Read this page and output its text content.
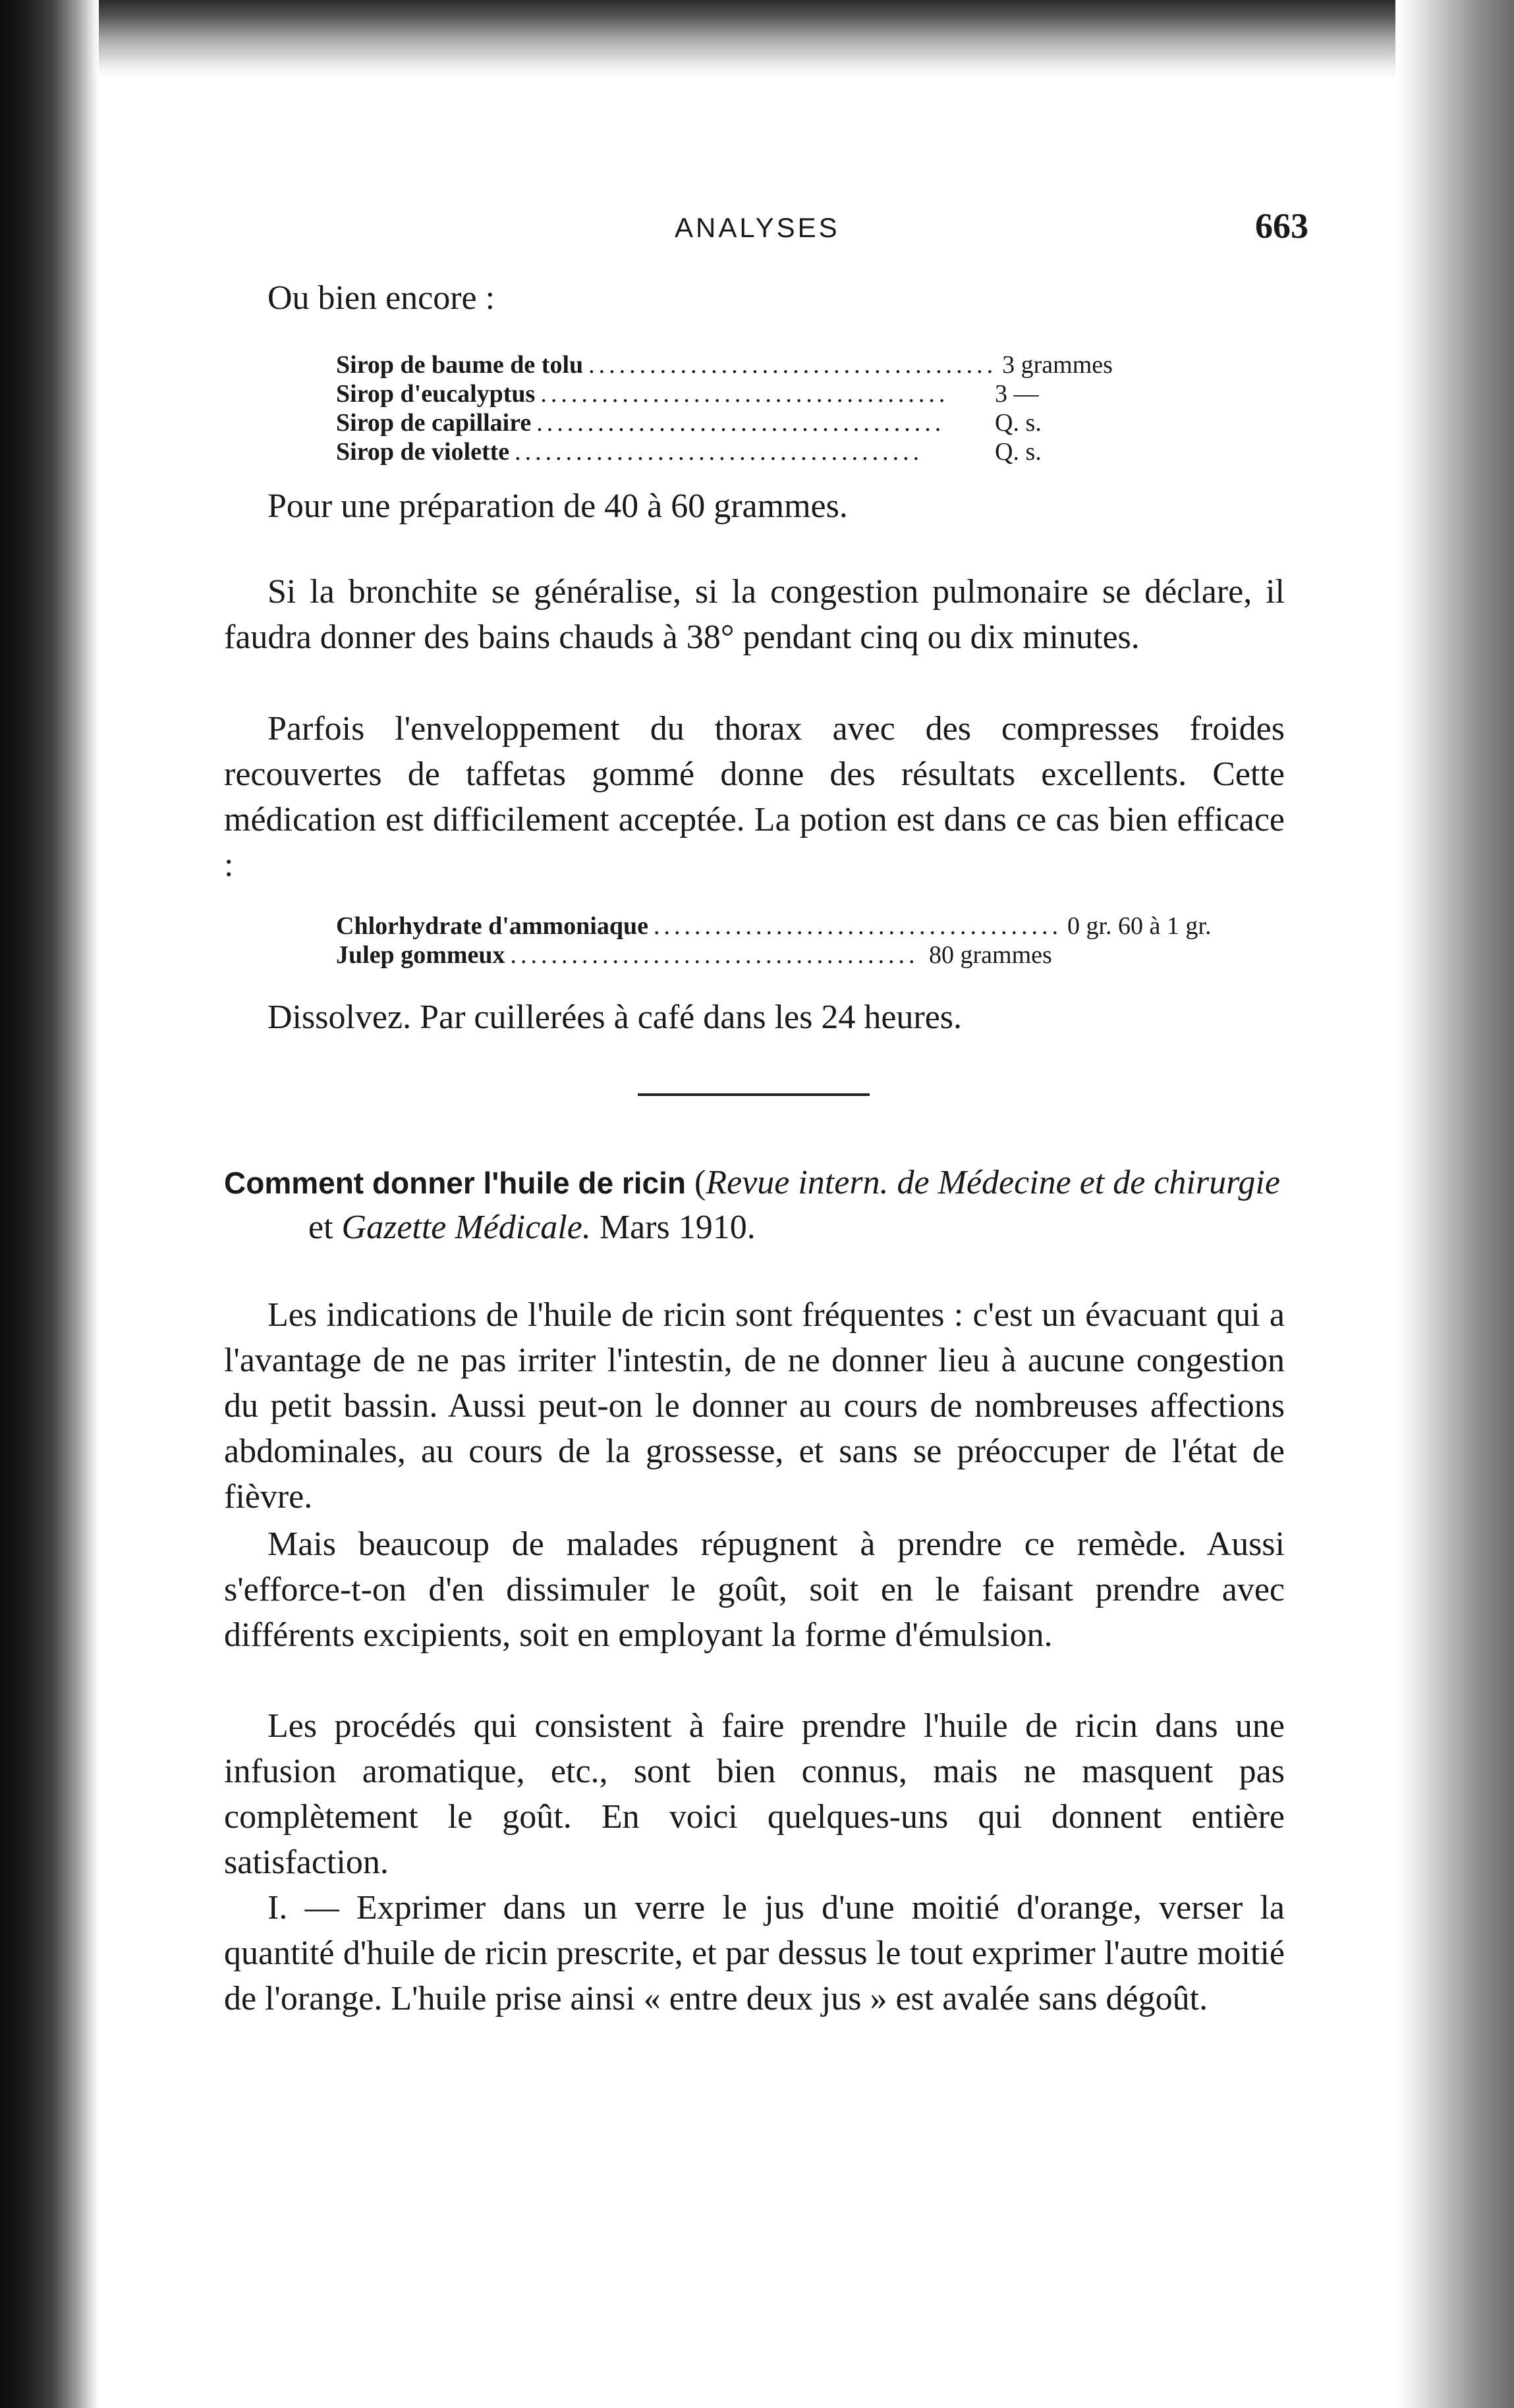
ANALYSES	663
Ou bien encore :
Sirop de baume de tolu ........................................ 3 grammes
Sirop d'eucalyptus ........................................	3 —
Sirop de capillaire ........................................	Q. s.
Sirop de violette ........................................	Q. s.
Pour une préparation de 40 à 60 grammes.
Si la bronchite se généralise, si la congestion pulmonaire se déclare, il faudra donner des bains chauds à 38° pendant cinq ou dix minutes.
Parfois l'enveloppement du thorax avec des compresses froides recouvertes de taffetas gommé donne des résultats excellents. Cette médication est difficilement acceptée. La potion est dans ce cas bien efficace :
Chlorhydrate d'ammoniaque ........................................ 0 gr. 60 à 1 gr.
Julep gommeux ........................................ 80 grammes
Dissolvez. Par cuillerées à café dans les 24 heures.
Comment donner l'huile de ricin (Revue intern. de Médecine et de chirurgie
et Gazette Médicale. Mars 1910.
Les indications de l'huile de ricin sont fréquentes : c'est un évacuant qui a l'avantage de ne pas irriter l'intestin, de ne donner lieu à aucune congestion du petit bassin. Aussi peut-on le donner au cours de nombreuses affections abdominales, au cours de la grossesse, et sans se préoccuper de l'état de fièvre.
Mais beaucoup de malades répugnent à prendre ce remède. Aussi s'efforce-t-on d'en dissimuler le goût, soit en le faisant prendre avec différents excipients, soit en employant la forme d'émulsion.
Les procédés qui consistent à faire prendre l'huile de ricin dans une infusion aromatique, etc., sont bien connus, mais ne masquent pas complètement le goût. En voici quelques-uns qui donnent entière satisfaction.
I. — Exprimer dans un verre le jus d'une moitié d'orange, verser la quantité d'huile de ricin prescrite, et par dessus le tout exprimer l'autre moitié de l'orange. L'huile prise ainsi « entre deux jus » est avalée sans dégoût.
